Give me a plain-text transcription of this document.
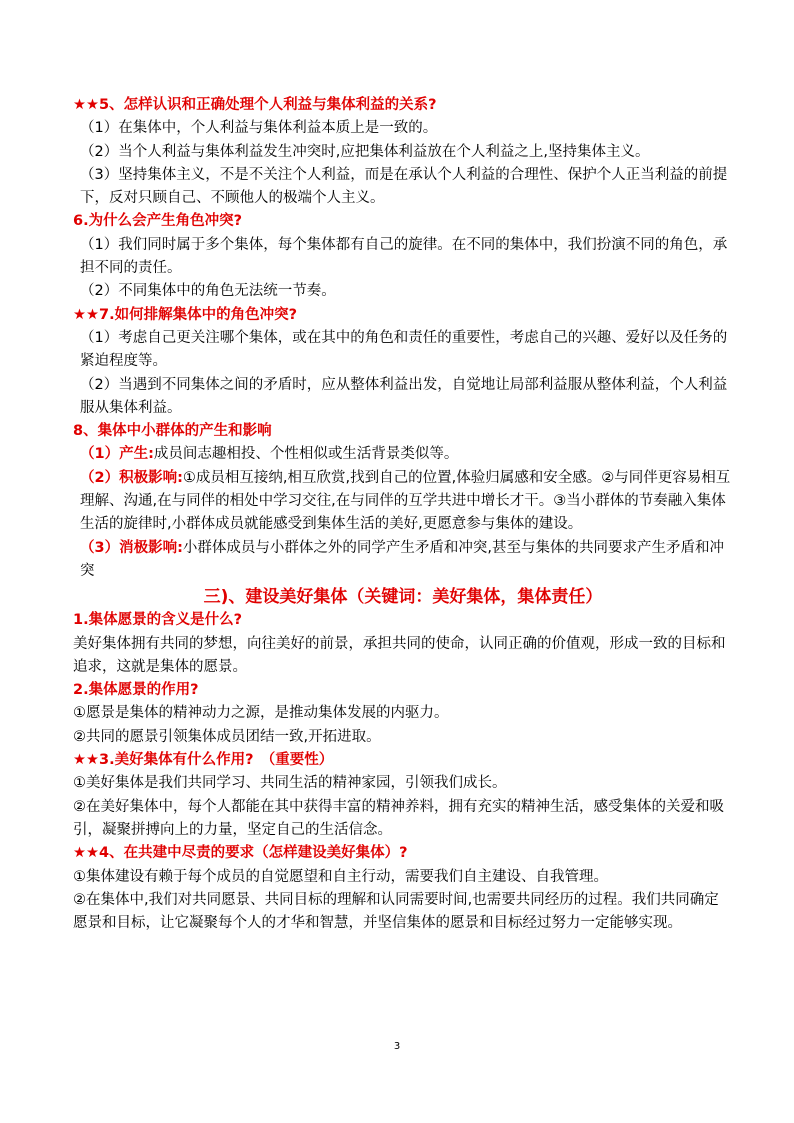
★★5、怎样认识和正确处理个人利益与集体利益的关系?
（1）在集体中，个人利益与集体利益本质上是一致的。
（2）当个人利益与集体利益发生冲突时,应把集体利益放在个人利益之上,坚持集体主义。
（3）坚持集体主义，不是不关注个人利益，而是在承认个人利益的合理性、保护个人正当利益的前提下，反对只顾自己、不顾他人的极端个人主义。
6.为什么会产生角色冲突?
（1）我们同时属于多个集体，每个集体都有自己的旋律。在不同的集体中，我们扮演不同的角色，承担不同的责任。
（2）不同集体中的角色无法统一节奏。
★★7.如何排解集体中的角色冲突?
（1）考虑自己更关注哪个集体，或在其中的角色和责任的重要性，考虑自己的兴趣、爱好以及任务的紧迫程度等。
（2）当遇到不同集体之间的矛盾时，应从整体利益出发，自觉地让局部利益服从整体利益，个人利益服从集体利益。
8、集体中小群体的产生和影响
（1）产生:成员间志趣相投、个性相似或生活背景类似等。
（2）积极影响:①成员相互接纳,相互欣赏,找到自己的位置,体验归属感和安全感。②与同伴更容易相互理解、沟通,在与同伴的相处中学习交往,在与同伴的互学共进中增长才干。③当小群体的节奏融入集体生活的旋律时,小群体成员就能感受到集体生活的美好,更愿意参与集体的建设。
（3）消极影响:小群体成员与小群体之外的同学产生矛盾和冲突,甚至与集体的共同要求产生矛盾和冲突
三)、建设美好集体（关键词：美好集体，集体责任）
1.集体愿景的含义是什么?
美好集体拥有共同的梦想，向往美好的前景，承担共同的使命，认同正确的价值观，形成一致的目标和追求，这就是集体的愿景。
2.集体愿景的作用?
①愿景是集体的精神动力之源，是推动集体发展的内驱力。
②共同的愿景引领集体成员团结一致,开拓进取。
★★3.美好集体有什么作用?　（重要性）
①美好集体是我们共同学习、共同生活的精神家园，引领我们成长。
②在美好集体中，每个人都能在其中获得丰富的精神养料，拥有充实的精神生活，感受集体的关爱和吸引，凝聚拼搏向上的力量，坚定自己的生活信念。
★★4、在共建中尽责的要求（怎样建设美好集体）?
①集体建设有赖于每个成员的自觉愿望和自主行动，需要我们自主建设、自我管理。
②在集体中,我们对共同愿景、共同目标的理解和认同需要时间,也需要共同经历的过程。我们共同确定愿景和目标，让它凝聚每个人的才华和智慧，并坚信集体的愿景和目标经过努力一定能够实现。
3
